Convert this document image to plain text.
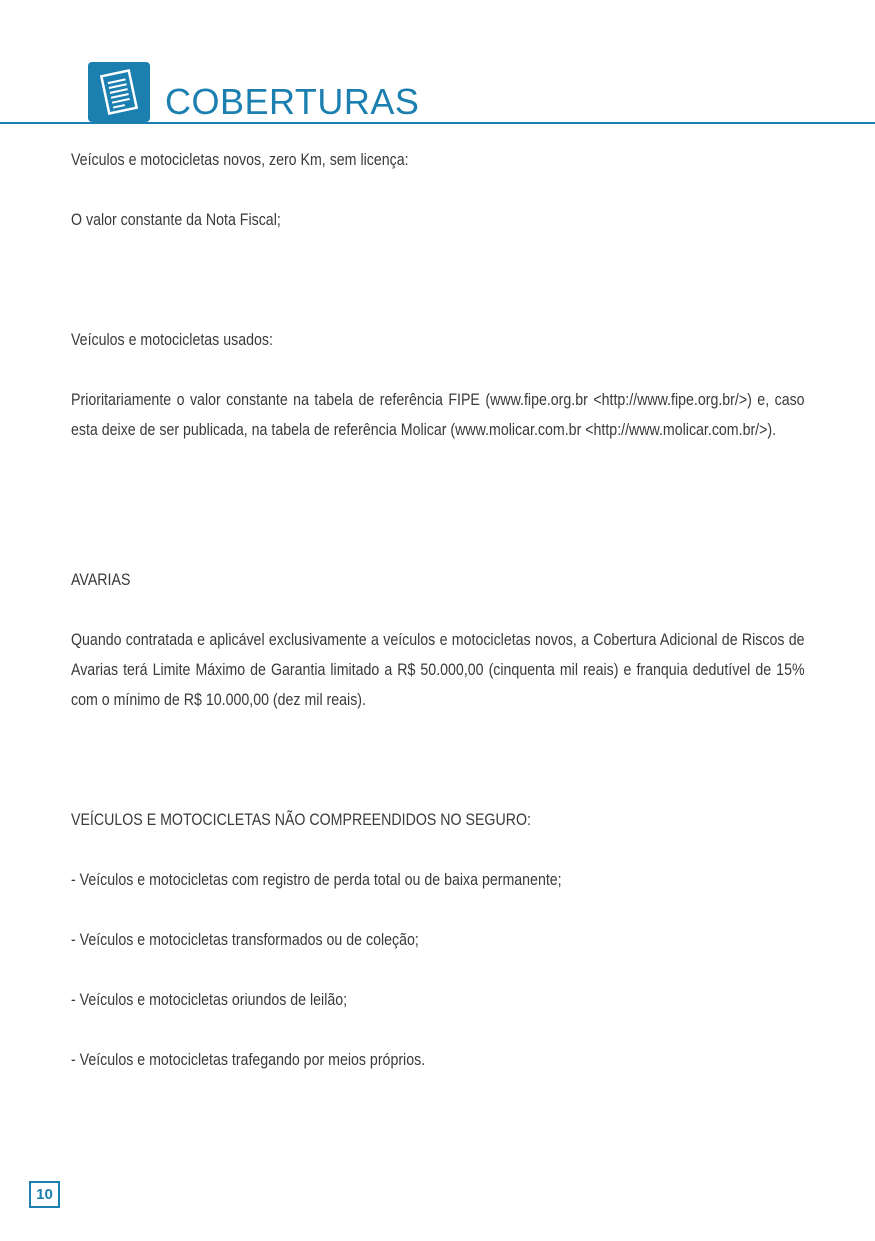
COBERTURAS

Veículos e motocicletas novos, zero Km, sem licença:

O valor constante da Nota Fiscal;

Veículos e motocicletas usados:

Prioritariamente o valor constante na tabela de referência FIPE (www.fipe.org.br <http://www.fipe.org.br/>) e, caso esta deixe de ser publicada, na tabela de referência Molicar (www.molicar.com.br <http://www.molicar.com.br/>).

AVARIAS

Quando contratada e aplicável exclusivamente a veículos e motocicletas novos, a Cobertura Adicional de Riscos de Avarias terá Limite Máximo de Garantia limitado a R$ 50.000,00 (cinquenta mil reais) e franquia dedutível de 15% com o mínimo de R$ 10.000,00 (dez mil reais).

VEÍCULOS E MOTOCICLETAS NÃO COMPREENDIDOS NO SEGURO:

- Veículos e motocicletas com registro de perda total ou de baixa permanente;

- Veículos e motocicletas transformados ou de coleção;

- Veículos e motocicletas oriundos de leilão;

- Veículos e motocicletas trafegando por meios próprios.

10
